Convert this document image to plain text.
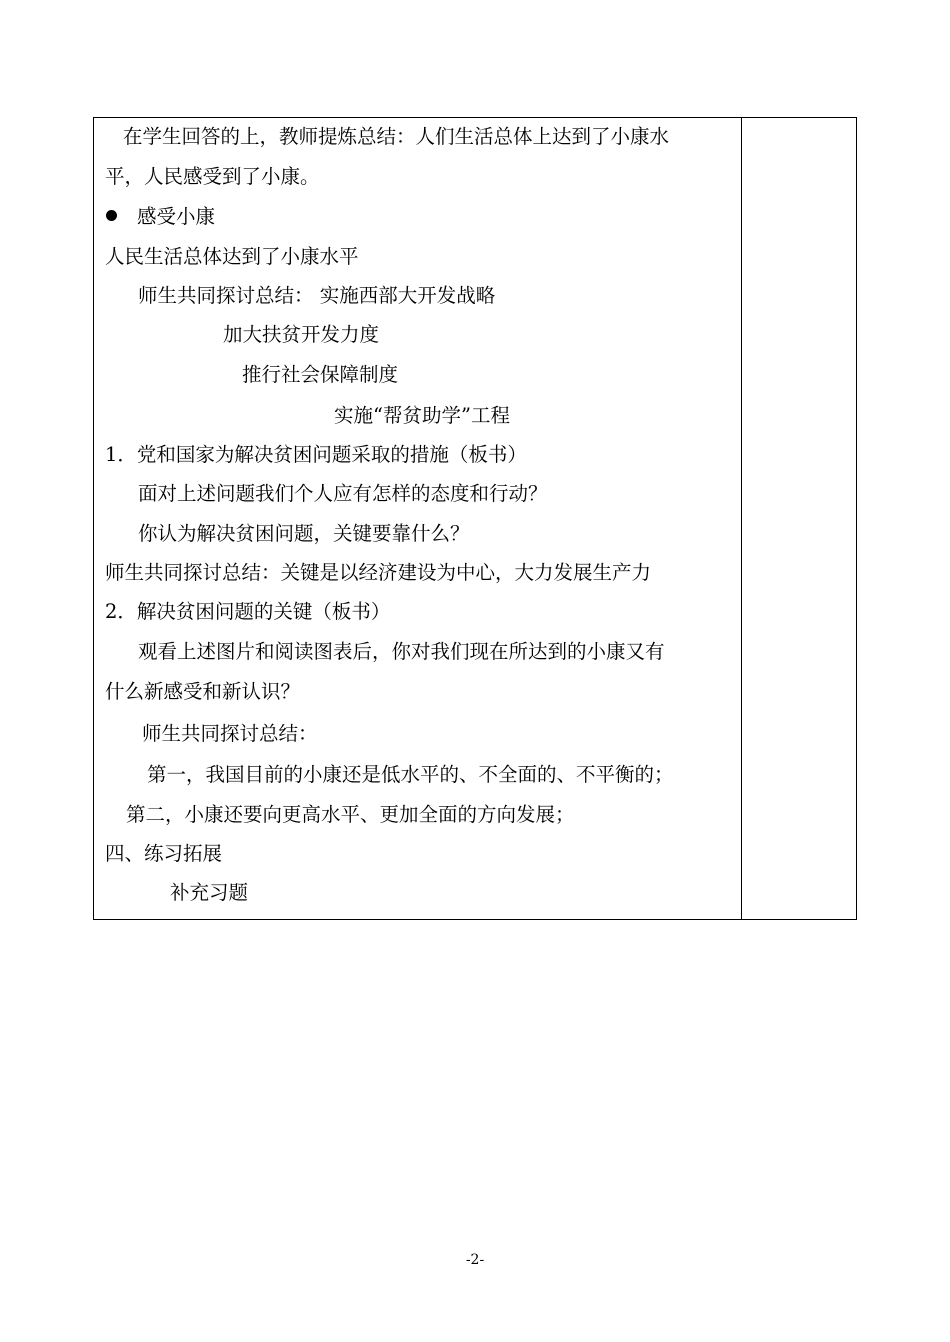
在学生回答的上，教师提炼总结：人们生活总体上达到了小康水
平，人民感受到了小康。
感受小康
人民生活总体达到了小康水平
师生共同探讨总结： 实施西部大开发战略
加大扶贫开发力度
推行社会保障制度
实施“帮贫助学”工程
1．党和国家为解决贫困问题采取的措施（板书）
面对上述问题我们个人应有怎样的态度和行动？
你认为解决贫困问题，关键要靠什么？
师生共同探讨总结：关键是以经济建设为中心，大力发展生产力
2．解决贫困问题的关键（板书）
观看上述图片和阅读图表后，你对我们现在所达到的小康又有
什么新感受和新认识？
师生共同探讨总结：
第一，我国目前的小康还是低水平的、不全面的、不平衡的；
第二，小康还要向更高水平、更加全面的方向发展；
四、练习拓展
补充习题
-2-
